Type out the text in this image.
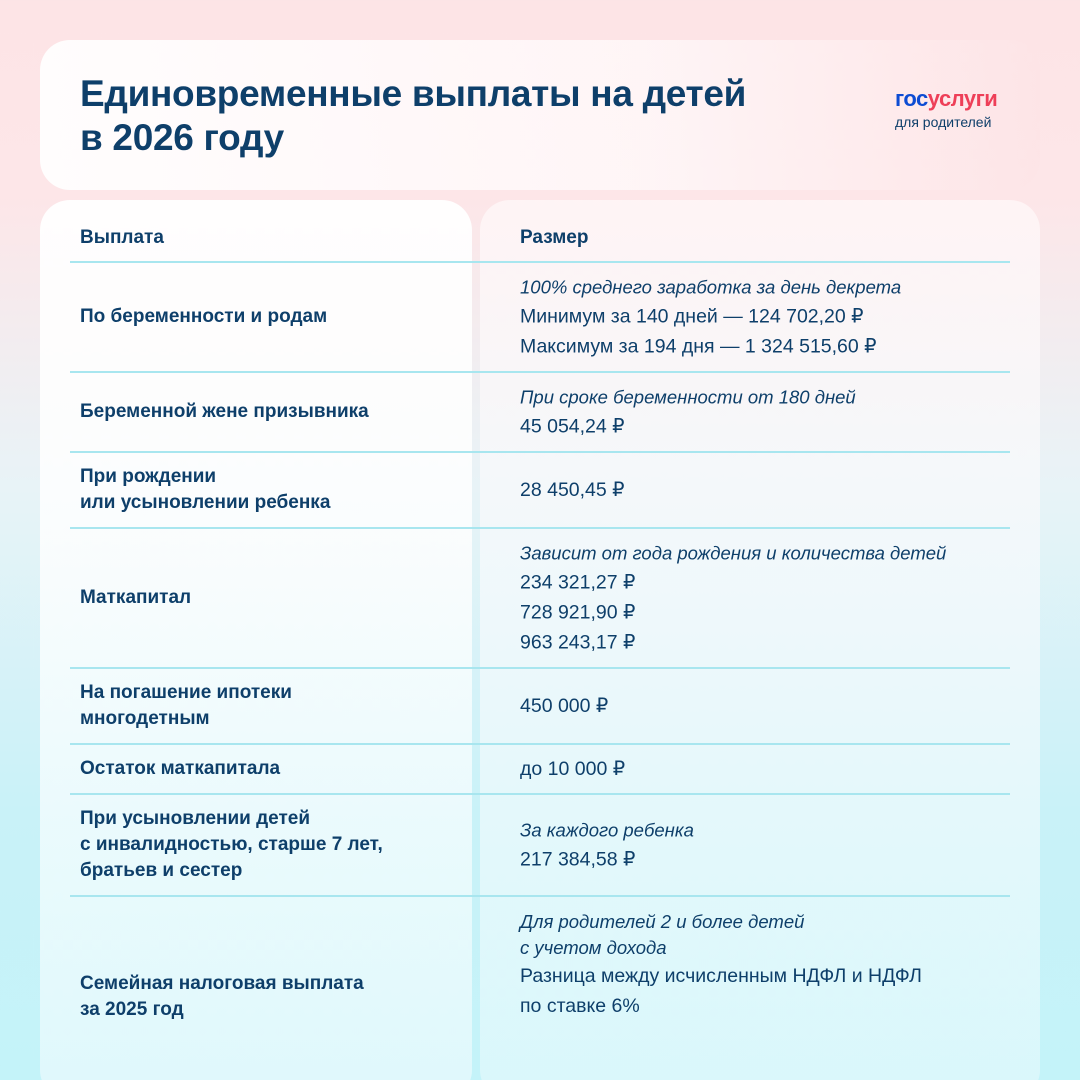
Единовременные выплаты на детей
в 2026 году
госуслуги
для родителей
Выплата	Размер
По беременности и родам
100% среднего заработка за день декрета
Минимум за 140 дней — 124 702,20 ₽
Максимум за 194 дня — 1 324 515,60 ₽
Беременной жене призывника
При сроке беременности от 180 дней
45 054,24 ₽
При рождении
или усыновлении ребенка
28 450,45 ₽
Маткапитал
Зависит от года рождения и количества детей
234 321,27 ₽
728 921,90 ₽
963 243,17 ₽
На погашение ипотеки
многодетным
450 000 ₽
Остаток маткапитала	до 10 000 ₽
При усыновлении детей
с инвалидностью, старше 7 лет,
братьев и сестер
За каждого ребенка
217 384,58 ₽
Семейная налоговая выплата
за 2025 год
Для родителей 2 и более детей
с учетом дохода
Разница между исчисленным НДФЛ и НДФЛ
по ставке 6%
